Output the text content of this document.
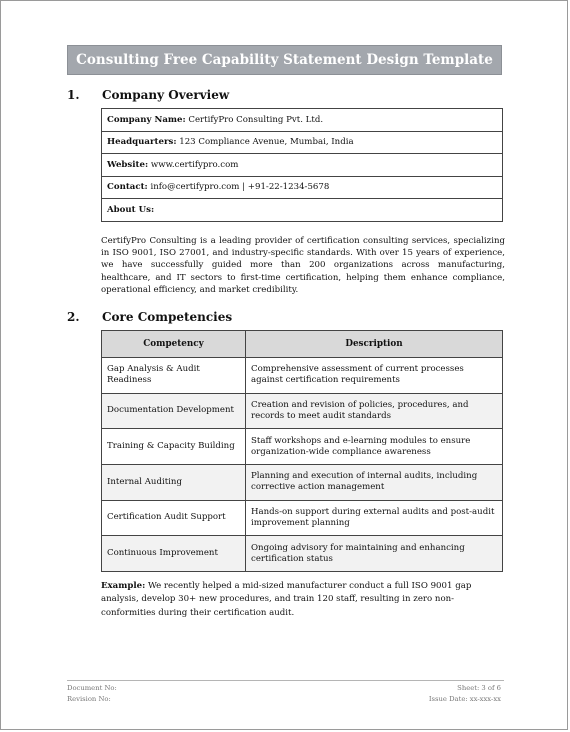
Consulting Free Capability Statement Design Template
1.	Company Overview
Company Name: CertifyPro Consulting Pvt. Ltd.
Headquarters: 123 Compliance Avenue, Mumbai, India
Website: www.certifypro.com
Contact: info@certifypro.com | +91-22-1234-5678
About Us:
CertifyPro Consulting is a leading provider of certification consulting services, specializing in ISO 9001, ISO 27001, and industry-specific standards. With over 15 years of experience, we have successfully guided more than 200 organizations across manufacturing, healthcare, and IT sectors to first-time certification, helping them enhance compliance, operational efficiency, and market credibility.
2.	Core Competencies
Competency	Description
Gap Analysis & Audit Readiness	Comprehensive assessment of current processes against certification requirements
Documentation Development	Creation and revision of policies, procedures, and records to meet audit standards
Training & Capacity Building	Staff workshops and e-learning modules to ensure organization-wide compliance awareness
Internal Auditing	Planning and execution of internal audits, including corrective action management
Certification Audit Support	Hands-on support during external audits and post-audit improvement planning
Continuous Improvement	Ongoing advisory for maintaining and enhancing certification status
Example: We recently helped a mid-sized manufacturer conduct a full ISO 9001 gap analysis, develop 30+ new procedures, and train 120 staff, resulting in zero non-conformities during their certification audit.
Document No:
Revision No:
Sheet: 3 of 6
Issue Date: xx-xxx-xx
